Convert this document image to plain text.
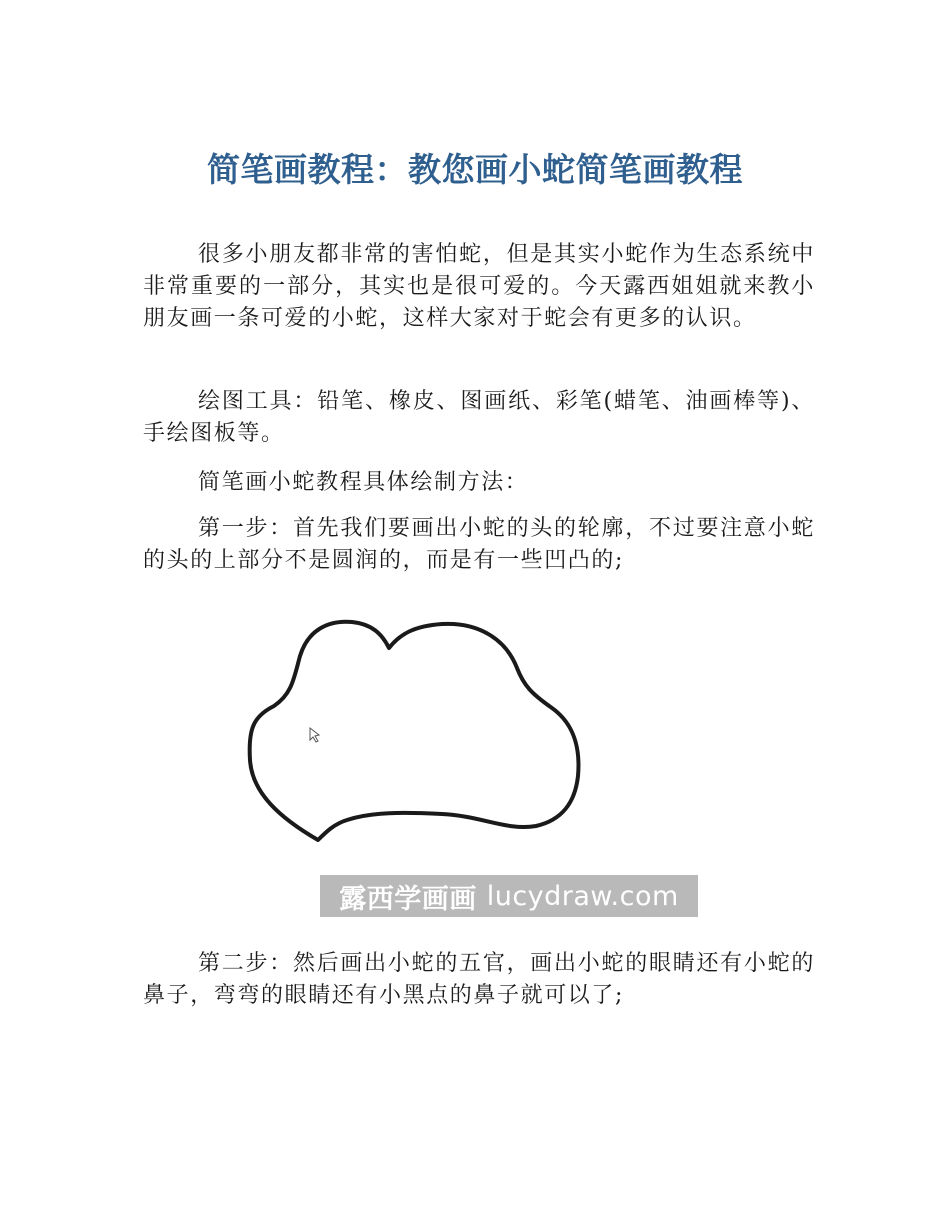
简笔画教程：教您画小蛇简笔画教程

很多小朋友都非常的害怕蛇，但是其实小蛇作为生态系统中非常重要的一部分，其实也是很可爱的。今天露西姐姐就来教小朋友画一条可爱的小蛇，这样大家对于蛇会有更多的认识。

绘图工具：铅笔、橡皮、图画纸、彩笔(蜡笔、油画棒等)、手绘图板等。

简笔画小蛇教程具体绘制方法：

第一步：首先我们要画出小蛇的头的轮廓，不过要注意小蛇的头的上部分不是圆润的，而是有一些凹凸的;

露西学画画 lucydraw.com

第二步：然后画出小蛇的五官，画出小蛇的眼睛还有小蛇的鼻子，弯弯的眼睛还有小黑点的鼻子就可以了;
